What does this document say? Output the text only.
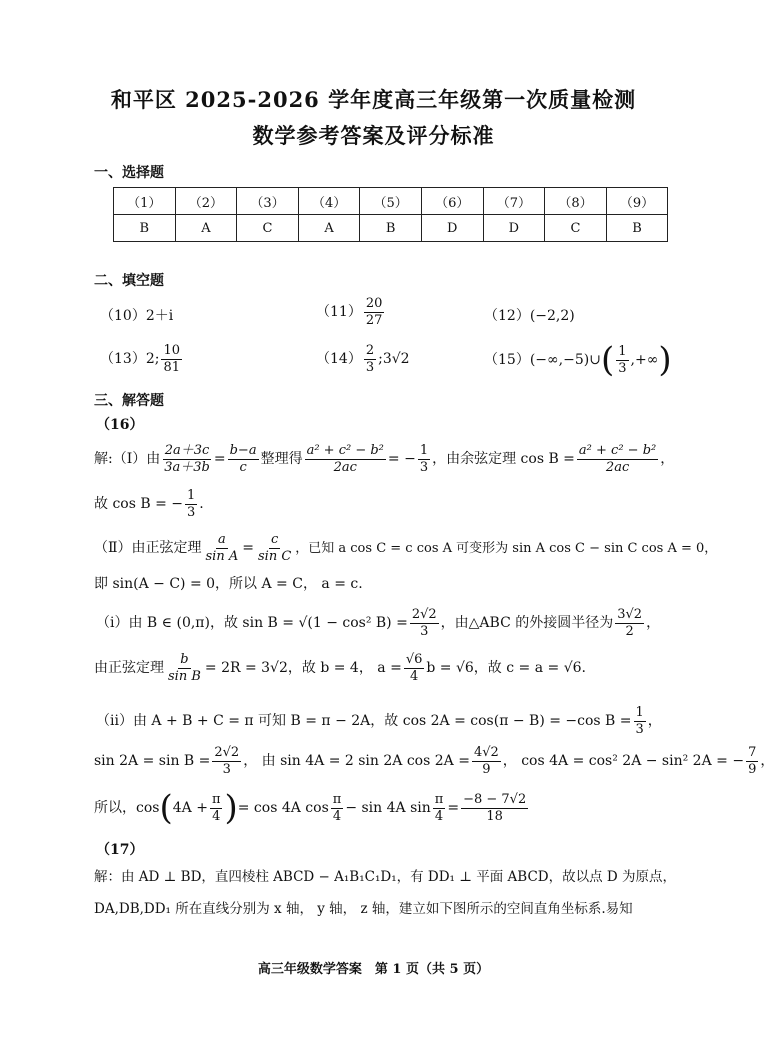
和平区 2025-2026 学年度高三年级第一次质量检测
数学参考答案及评分标准
一、选择题
（1）	（2）	（3）	（4）	（5）	（6）	（7）	（8）	（9）
B	A	C	A	B	D	D	C	B
二、填空题
（10）2＋i	$(11) \frac{20}{27}$	（12）(−2,2)
（13）2; $\frac{10}{81}$	$(14) \frac{2}{3}$ ;3√2	（15）(−∞,−5)∪( $\frac{1}{3}$ ,+∞)
三、解答题
（16）
解:（Ⅰ）由 $\frac{2a+3c}{3a+3b} = \frac{b-a}{c}$ 整理得 $\frac{\text{a² + c² − b²}}{2ac}$ = − $\frac{1}{3}$ ，由余弦定理 $\cos B = \frac{\text{a² + c² − b²}}{2ac}$ ，
故 cos B = − $\frac{1}{3}$ .
（Ⅱ）由正弦定理 $\frac{a}{\text{sin A}} = \frac{c}{\text{sin C}}$ ，已知 a cos C = c cos A 可变形为 sin A cos C − sin C cos A = 0，
即 sin(A − C) = 0，所以 A = C， a = c.
（i）由 B ∈ (0,π)，故 sin B = √(1 − cos² $B) = \frac{2√2}{3}$ ，由△ABC 的外接圆半径为 $\frac{3√2}{2}$ ，
由正弦定理 $\frac{b}{\text{sin B}} = 2R = 3√2$，故 b = 4， $a = \frac{√6}{4}$ b = √6，故 c = a = √6.
（ii）由 A + B + C = π 可知 B = π − 2A，故 cos 2A = cos(π − B) = −cos $B = \frac{1}{3}$ ，
$\sin 2A = \sin B = \frac{2√2}{3}$ ， 由 sin 4A = 2 sin 2A $\cos 2A = \frac{4√2}{9}$ ， cos 4A = cos² 2A − sin² 2A = − $\frac{7}{9}$ ，
所以，$\cos(4A + \frac{\pi}{4}$ )= cos 4A $\cos \frac{\pi}{4} - \sin 4A$ $\sin \frac{\pi}{4} = \frac{-8 - 7√2}{18}$
（17）
解：由 AD ⊥ BD，直四棱柱 ABCD − A₁B₁C₁D₁，有 DD₁ ⊥ 平面 ABCD，故以点 D 为原点，
DA,DB,DD₁ 所在直线分别为 x 轴， y 轴， z 轴，建立如下图所示的空间直角坐标系.易知
高三年级数学答案　第 1 页（共 5 页）
